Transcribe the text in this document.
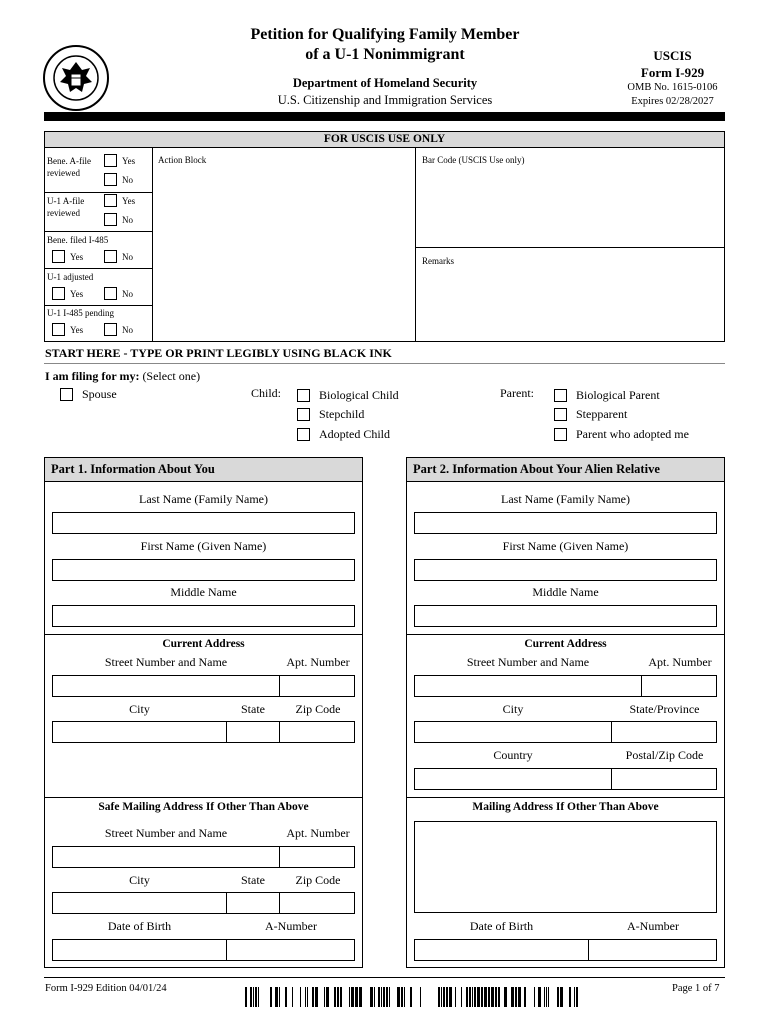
Petition for Qualifying Family Member
of a U-1 Nonimmigrant
Department of Homeland Security
U.S. Citizenship and Immigration Services
USCIS
Form I-929
OMB No. 1615-0106
Expires 02/28/2027
FOR USCIS USE ONLY
Bene. A-file reviewed
Yes
No
U-1 A-file reviewed
Yes
No
Bene. filed I-485
Yes	No
U-1 adjusted
Yes	No
U-1 I-485 pending
Yes	No
Action Block	Bar Code (USCIS Use only)
Remarks
START HERE - TYPE OR PRINT LEGIBLY USING BLACK INK
I am filing for my: (Select one)
Spouse	Child:	Biological Child
Stepchild
Adopted Child
Parent:	Biological Parent
Stepparent
Parent who adopted me
Part 1. Information About You
Last Name (Family Name)
First Name (Given Name)
Middle Name
Current Address
Street Number and Name	Apt. Number
City	State	Zip Code
Safe Mailing Address If Other Than Above
Street Number and Name	Apt. Number
City	State	Zip Code
Date of Birth	A-Number
Part 2. Information About Your Alien Relative
Last Name (Family Name)
First Name (Given Name)
Middle Name
Current Address
Street Number and Name	Apt. Number
City	State/Province
Country	Postal/Zip Code
Mailing Address If Other Than Above
Date of Birth	A-Number
Form I-929 Edition 04/01/24	Page 1 of 7
